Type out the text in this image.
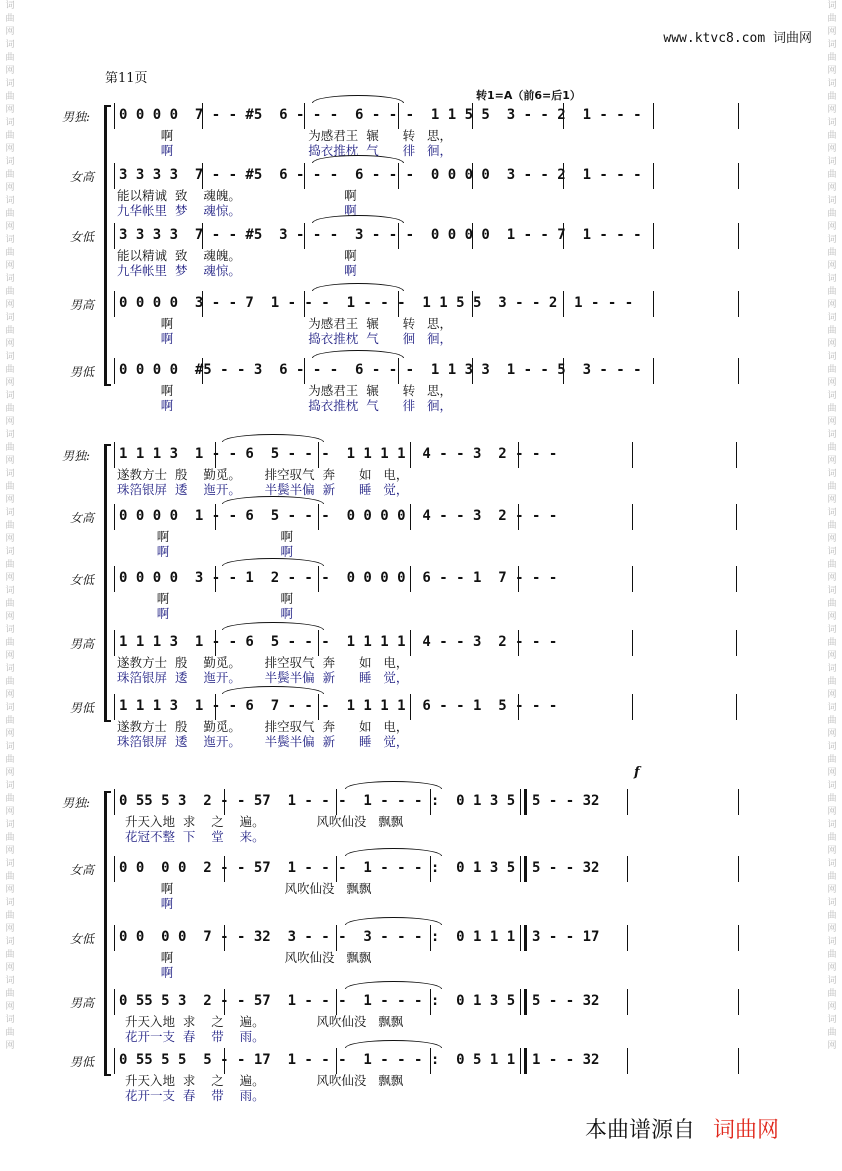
词曲网词曲网词曲网词曲网词曲网词曲网词曲网词曲网词曲网词曲网词曲网词曲网词曲网词曲网词曲网词曲网词曲网词曲网词曲网词曲网词曲网词曲网词曲网词曲网词曲网词曲网词曲网
词曲网词曲网词曲网词曲网词曲网词曲网词曲网词曲网词曲网词曲网词曲网词曲网词曲网词曲网词曲网词曲网词曲网词曲网词曲网词曲网词曲网词曲网词曲网词曲网词曲网词曲网词曲网
www.ktvc8.com 词曲网
第11页
转1=A（前6=后1）
男独: 0 0 0 0  7 - - #5  6 - - -  6 - - -  1 1 5 5  3 - - 2  1 - - -
啊                                  为感君王  辗      转   思，
啊                                  捣衣推枕  气      徘   徊，
女高 3 3 3 3  7 - - #5  6 - - -  6 - - -  0 0 0 0  3 - - 2  1 - - -
能以精诚  致    魂魄。                          啊
九华帐里  梦    魂惊。                          啊
女低 3 3 3 3  7 - - #5  3 - - -  3 - - -  0 0 0 0  1 - - 7  1 - - -
能以精诚  致    魂魄。                          啊
九华帐里  梦    魂惊。                          啊
男高 0 0 0 0  3 - - 7  1 - - -  1 - - -  1 1 5 5  3 - - 2  1 - - -
啊                                  为感君王  辗      转   思，
啊                                  捣衣推枕  气      徊   徊，
男低 0 0 0 0  #5 - - 3  6 - - -  6 - - -  1 1 3 3  1 - - 5  3 - - -
啊                                  为感君王  辗      转   思，
啊                                  捣衣推枕  气      徘   徊，
男独: 1 1 1 3  1 - - 6  5 - - -  1 1 1 1  4 - - 3  2 - - -
遂教方士  殷    勤觅。      排空驭气  奔      如   电，
珠箔银屏  逶    迤开。      半鬓半偏  新      睡   觉，
女高 0 0 0 0  1 - - 6  5 - - -  0 0 0 0  4 - - 3  2 - - -
啊                            啊
啊                            啊
女低 0 0 0 0  3 - - 1  2 - - -  0 0 0 0  6 - - 1  7 - - -
啊                            啊
啊                            啊
男高 1 1 1 3  1 - - 6  5 - - -  1 1 1 1  4 - - 3  2 - - -
遂教方士  殷    勤觅。      排空驭气  奔      如   电，
珠箔银屏  逶    迤开。      半鬓半偏  新      睡   觉，
男低 1 1 1 3  1 - - 6  7 - - -  1 1 1 1  6 - - 1  5 - - -
遂教方士  殷    勤觅。      排空驭气  奔      如   电，
珠箔银屏  逶    迤开。      半鬓半偏  新      睡   觉，
男独: 0 55 5 3  2 - - 57  1 - - -  1 - - - :  0 1 3 5  5 - - 32
升天入地  求    之    遍。             风吹仙没   飘飘
花冠不整  下    堂    来。
女高 0 0  0 0  2 - - 57  1 - - -  1 - - - :  0 1 3 5  5 - - 32
啊                            风吹仙没   飘飘
啊
女低 0 0  0 0  7 - - 32  3 - - -  3 - - - :  0 1 1 1  3 - - 17
啊                            风吹仙没   飘飘
啊
男高 0 55 5 3  2 - - 57  1 - - -  1 - - - :  0 1 3 5  5 - - 32
升天入地  求    之    遍。             风吹仙没   飘飘
花开一支  春    带    雨。
男低 0 55 5 5  5 - - 17  1 - - -  1 - - - :  0 5 1 1  1 - - 32
升天入地  求    之    遍。             风吹仙没   飘飘
花开一支  春    带    雨。
f
本曲谱源自 词曲网
